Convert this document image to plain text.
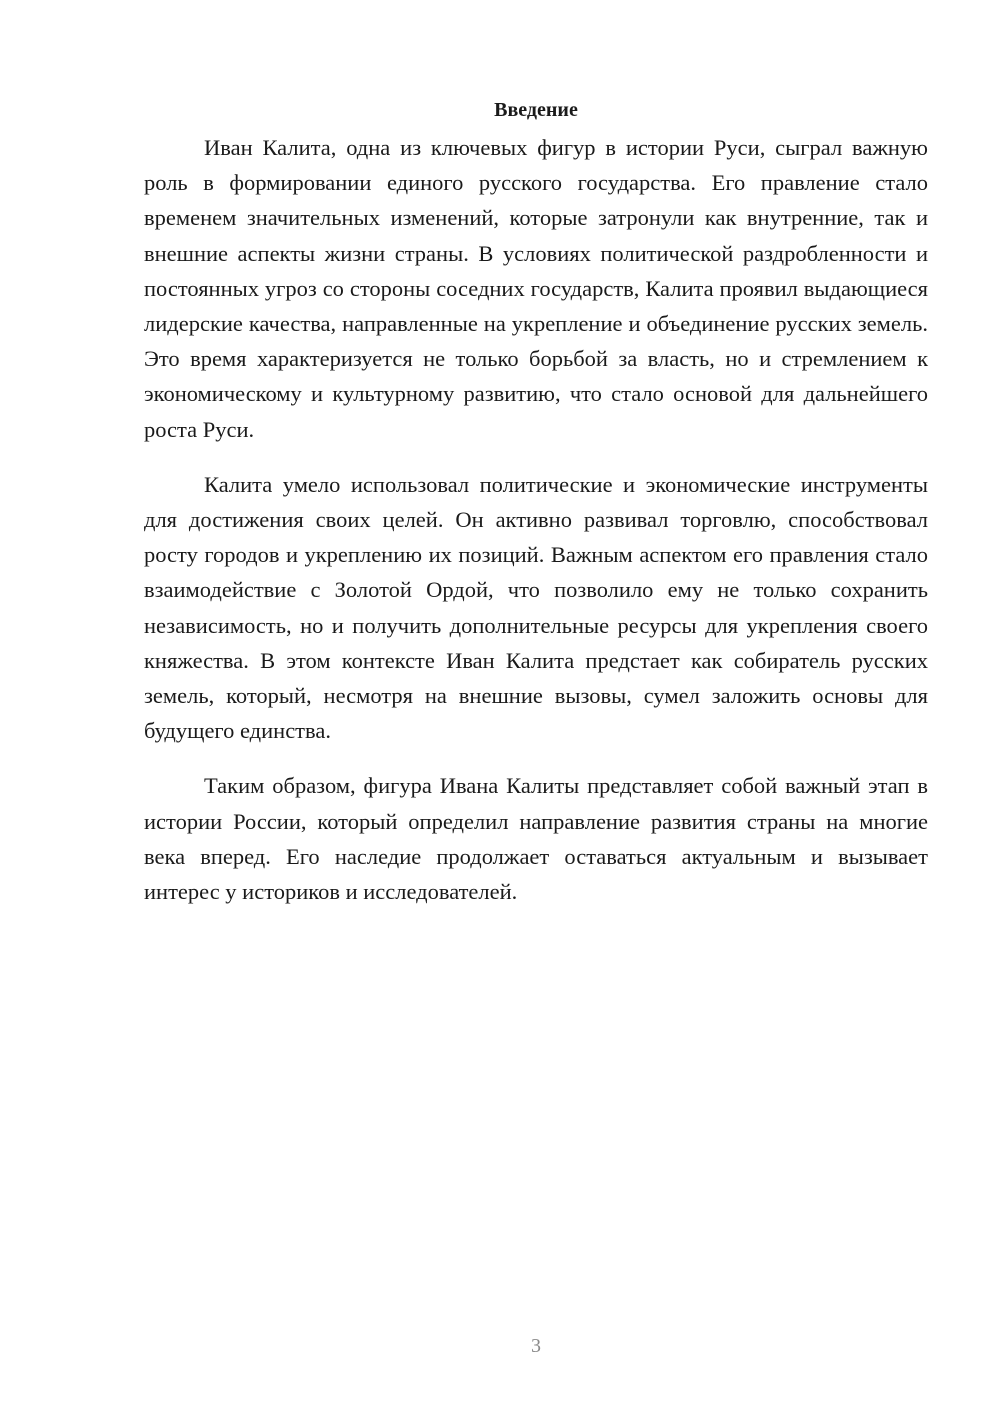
Введение

Иван Калита, одна из ключевых фигур в истории Руси, сыграл важную роль в формировании единого русского государства. Его правление стало временем значительных изменений, которые затронули как внутренние, так и внешние аспекты жизни страны. В условиях политической раздробленности и постоянных угроз со стороны соседних государств, Калита проявил выдающиеся лидерские качества, направленные на укрепление и объединение русских земель. Это время характеризуется не только борьбой за власть, но и стремлением к экономическому и культурному развитию, что стало основой для дальнейшего роста Руси.

Калита умело использовал политические и экономические инструменты для достижения своих целей. Он активно развивал торговлю, способствовал росту городов и укреплению их позиций. Важным аспектом его правления стало взаимодействие с Золотой Ордой, что позволило ему не только сохранить независимость, но и получить дополнительные ресурсы для укрепления своего княжества. В этом контексте Иван Калита предстает как собиратель русских земель, который, несмотря на внешние вызовы, сумел заложить основы для будущего единства.

Таким образом, фигура Ивана Калиты представляет собой важный этап в истории России, который определил направление развития страны на многие века вперед. Его наследие продолжает оставаться актуальным и вызывает интерес у историков и исследователей.

3
